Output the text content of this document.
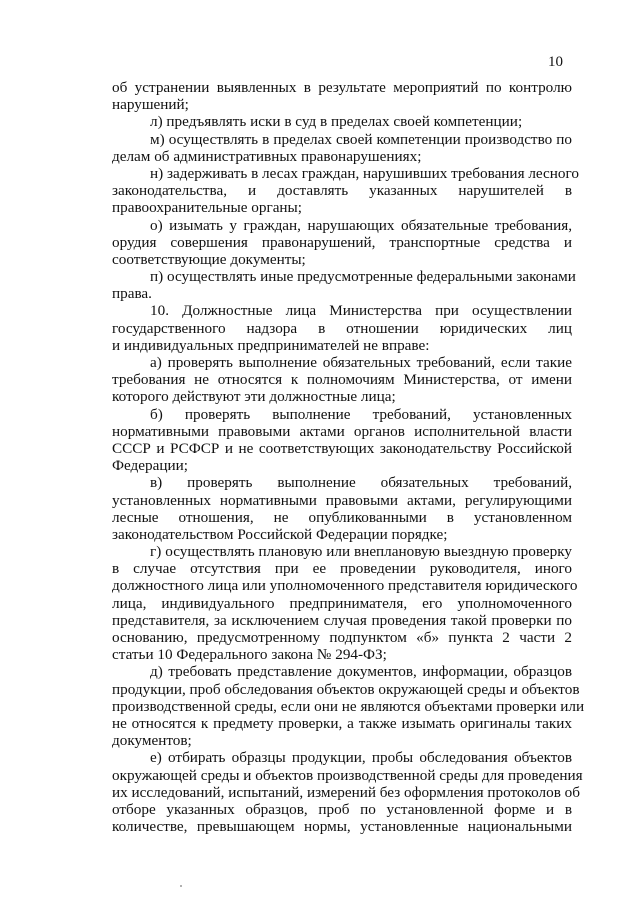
10
об устранении выявленных в результате мероприятий по контролю
нарушений;
л) предъявлять иски в суд в пределах своей компетенции;
м) осуществлять в пределах своей компетенции производство по
делам об административных правонарушениях;
н) задерживать в лесах граждан, нарушивших требования лесного
законодательства, и доставлять указанных нарушителей в
правоохранительные органы;
о) изымать у граждан, нарушающих обязательные требования,
орудия совершения правонарушений, транспортные средства и
соответствующие документы;
п) осуществлять иные предусмотренные федеральными законами
права.
10. Должностные лица Министерства при осуществлении
государственного надзора в отношении юридических лиц
и индивидуальных предпринимателей не вправе:
а) проверять выполнение обязательных требований, если такие
требования не относятся к полномочиям Министерства, от имени
которого действуют эти должностные лица;
б) проверять выполнение требований, установленных
нормативными правовыми актами органов исполнительной власти
СССР и РСФСР и не соответствующих законодательству Российской
Федерации;
в) проверять выполнение обязательных требований,
установленных нормативными правовыми актами, регулирующими
лесные отношения, не опубликованными в установленном
законодательством Российской Федерации порядке;
г) осуществлять плановую или внеплановую выездную проверку
в случае отсутствия при ее проведении руководителя, иного
должностного лица или уполномоченного представителя юридического
лица, индивидуального предпринимателя, его уполномоченного
представителя, за исключением случая проведения такой проверки по
основанию, предусмотренному подпунктом «б» пункта 2 части 2
статьи 10 Федерального закона № 294-ФЗ;
д) требовать представление документов, информации, образцов
продукции, проб обследования объектов окружающей среды и объектов
производственной среды, если они не являются объектами проверки или
не относятся к предмету проверки, а также изымать оригиналы таких
документов;
е) отбирать образцы продукции, пробы обследования объектов
окружающей среды и объектов производственной среды для проведения
их исследований, испытаний, измерений без оформления протоколов об
отборе указанных образцов, проб по установленной форме и в
количестве, превышающем нормы, установленные национальными
